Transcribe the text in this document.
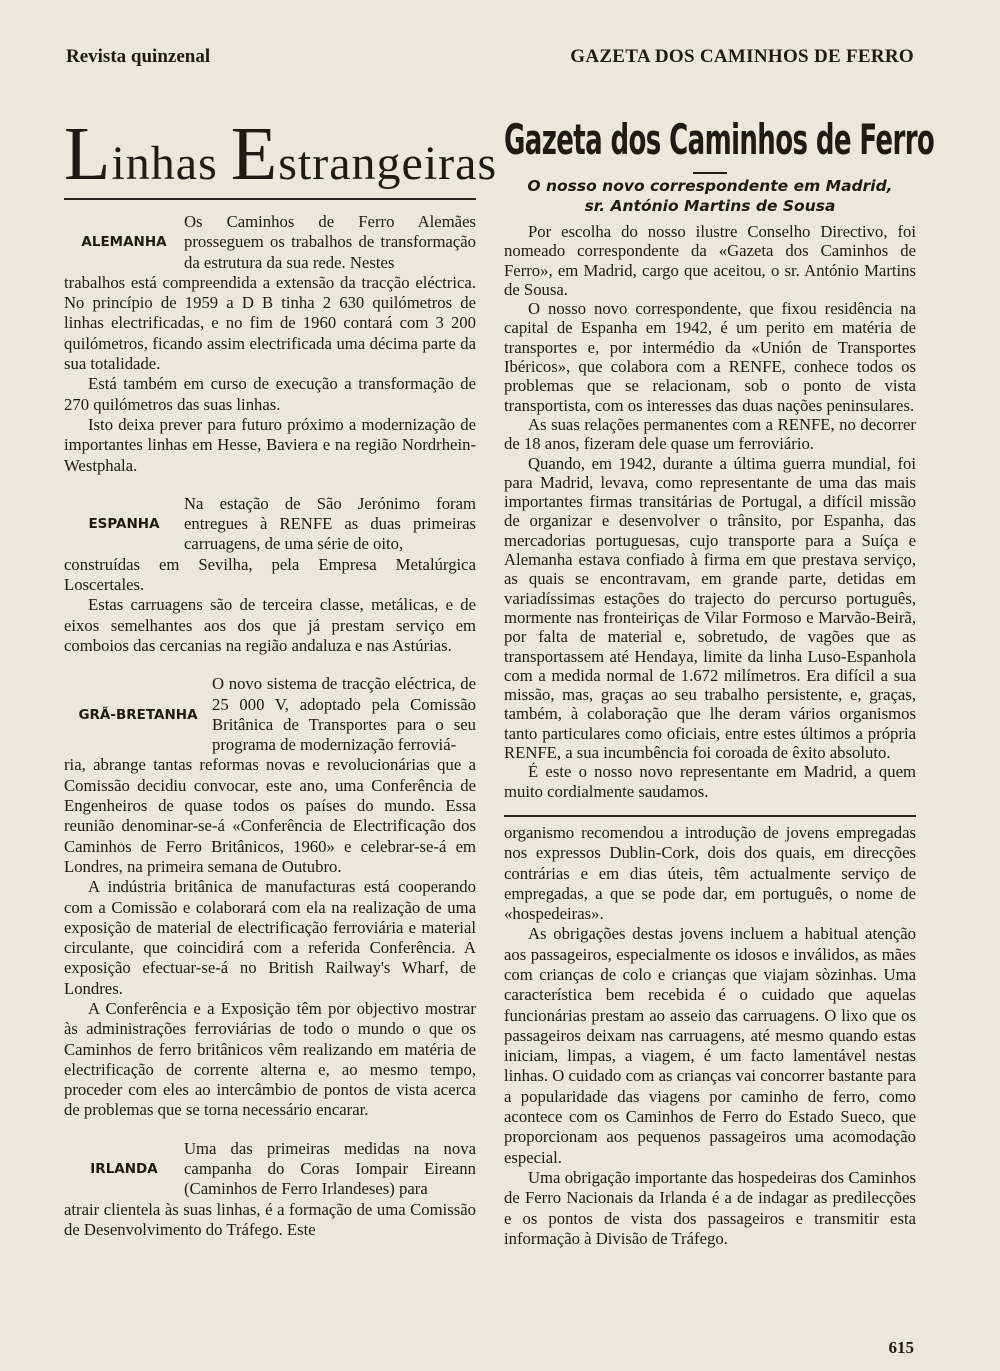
Revista quinzenal	GAZETA DOS CAMINHOS DE FERRO
Linhas Estrangeiras
ALEMANHA
Os Caminhos de Ferro Alemães prosseguem os trabalhos de transformação da estrutura da sua rede. Nestes

trabalhos está compreendida a extensão da tracção eléctrica. No princípio de 1959 a D B tinha 2 630 quilómetros de linhas electrificadas, e no fim de 1960 contará com 3 200 quilómetros, ficando assim electrificada uma décima parte da sua totalidade.

Está também em curso de execução a transformação de 270 quilómetros das suas linhas.

Isto deixa prever para futuro próximo a modernização de importantes linhas em Hesse, Baviera e na região Nordrhein-Westphala.

ESPANHA
Na estação de São Jerónimo foram entregues à RENFE as duas primeiras carruagens, de uma série de oito,

construídas em Sevilha, pela Empresa Metalúrgica Loscertales.

Estas carruagens são de terceira classe, metálicas, e de eixos semelhantes aos dos que já prestam serviço em comboios das cercanias na região andaluza e nas Astúrias.

GRÃ-BRETANHA
O novo sistema de tracção eléctrica, de 25 000 V, adoptado pela Comissão Britânica de Transportes para o seu programa de modernização ferroviá-

ria, abrange tantas reformas novas e revolucionárias que a Comissão decidiu convocar, este ano, uma Conferência de Engenheiros de quase todos os países do mundo. Essa reunião denominar-se-á «Conferência de Electrificação dos Caminhos de Ferro Britânicos, 1960» e celebrar-se-á em Londres, na primeira semana de Outubro.

A indústria britânica de manufacturas está cooperando com a Comissão e colaborará com ela na realização de uma exposição de material de electrificação ferroviária e material circulante, que coincidirá com a referida Conferência. A exposição efectuar-se-á no British Railway's Wharf, de Londres.

A Conferência e a Exposição têm por objectivo mostrar às administrações ferroviárias de todo o mundo o que os Caminhos de ferro britânicos vêm realizando em matéria de electrificação de corrente alterna e, ao mesmo tempo, proceder com eles ao intercâmbio de pontos de vista acerca de problemas que se torna necessário encarar.

IRLANDA
Uma das primeiras medidas na nova campanha do Coras Iompair Eireann (Caminhos de Ferro Irlandeses) para

atrair clientela às suas linhas, é a formação de uma Comissão de Desenvolvimento do Tráfego. Este

Gazeta dos Caminhos de Ferro
O nosso novo correspondente em Madrid,
sr. António Martins de Sousa

Por escolha do nosso ilustre Conselho Directivo, foi nomeado correspondente da «Gazeta dos Caminhos de Ferro», em Madrid, cargo que aceitou, o sr. António Martins de Sousa.

O nosso novo correspondente, que fixou residência na capital de Espanha em 1942, é um perito em matéria de transportes e, por intermédio da «Unión de Transportes Ibéricos», que colabora com a RENFE, conhece todos os problemas que se relacionam, sob o ponto de vista transportista, com os interesses das duas nações peninsulares.

As suas relações permanentes com a RENFE, no decorrer de 18 anos, fizeram dele quase um ferroviário.

Quando, em 1942, durante a última guerra mundial, foi para Madrid, levava, como representante de uma das mais importantes firmas transitárias de Portugal, a difícil missão de organizar e desenvolver o trânsito, por Espanha, das mercadorias portuguesas, cujo transporte para a Suíça e Alemanha estava confiado à firma em que prestava serviço, as quais se encontravam, em grande parte, detidas em variadíssimas estações do trajecto do percurso português, mormente nas fronteiriças de Vilar Formoso e Marvão-Beirã, por falta de material e, sobretudo, de vagões que as transportassem até Hendaya, limite da linha Luso-Espanhola com a medida normal de 1.672 milímetros. Era difícil a sua missão, mas, graças ao seu trabalho persistente, e, graças, também, à colaboração que lhe deram vários organismos tanto particulares como oficiais, entre estes últimos a própria RENFE, a sua incumbência foi coroada de êxito absoluto.

É este o nosso novo representante em Madrid, a quem muito cordialmente saudamos.

organismo recomendou a introdução de jovens empregadas nos expressos Dublin-Cork, dois dos quais, em direcções contrárias e em dias úteis, têm actualmente serviço de empregadas, a que se pode dar, em português, o nome de «hospedeiras».

As obrigações destas jovens incluem a habitual atenção aos passageiros, especialmente os idosos e inválidos, as mães com crianças de colo e crianças que viajam sòzinhas. Uma característica bem recebida é o cuidado que aquelas funcionárias prestam ao asseio das carruagens. O lixo que os passageiros deixam nas carruagens, até mesmo quando estas iniciam, limpas, a viagem, é um facto lamentável nestas linhas. O cuidado com as crianças vai concorrer bastante para a popularidade das viagens por caminho de ferro, como acontece com os Caminhos de Ferro do Estado Sueco, que proporcionam aos pequenos passageiros uma acomodação especial.

Uma obrigação importante das hospedeiras dos Caminhos de Ferro Nacionais da Irlanda é a de indagar as predilecções e os pontos de vista dos passageiros e transmitir esta informação à Divisão de Tráfego.

615
